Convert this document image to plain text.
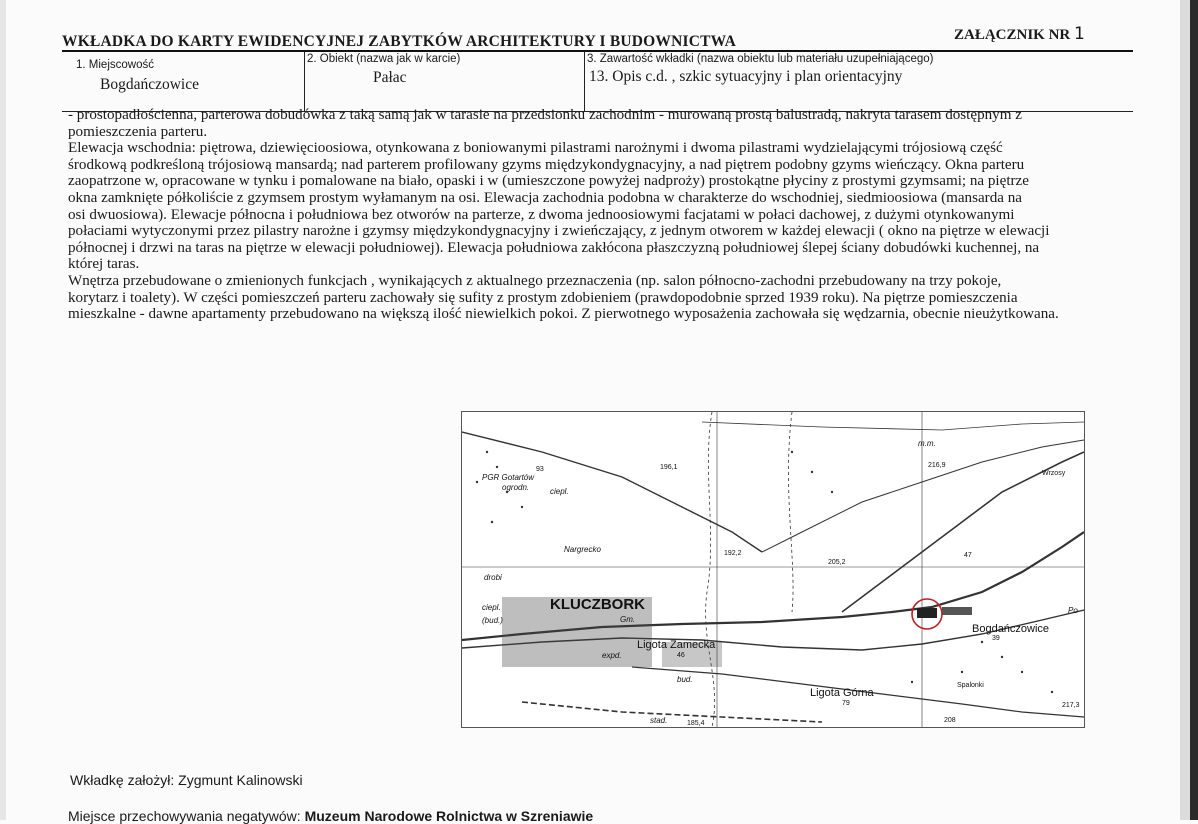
WKŁADKA DO KARTY EWIDENCYJNEJ ZABYTKÓW ARCHITEKTURY I BUDOWNICTWA	ZAŁĄCZNIK NR 1
1. Miejscowość
Bogdańczowice
2. Obiekt (nazwa jak w karcie)
Pałac
3. Zawartość wkładki (nazwa obiektu lub materiału uzupełniającego)
13. Opis c.d. , szkic sytuacyjny i plan orientacyjny

- prostopadłościenna, parterowa dobudówka z taką samą jak w tarasie na przedsionku zachodnim - murowaną prostą balustradą, nakryta tarasem dostępnym z

pomieszczenia parteru.

Elewacja wschodnia: piętrowa, dziewięcioosiowa, otynkowana z boniowanymi pilastrami narożnymi i dwoma pilastrami wydzielającymi trójosiową część

środkową podkreśloną trójosiową mansardą; nad parterem profilowany gzyms międzykondygnacyjny, a nad piętrem podobny gzyms wieńczący. Okna parteru

zaopatrzone w, opracowane w tynku i pomalowane na biało, opaski i w (umieszczone powyżej nadproży) prostokątne płyciny z prostymi gzymsami; na piętrze

okna zamknięte półkoliście z gzymsem prostym wyłamanym na osi. Elewacja zachodnia podobna w charakterze do wschodniej, siedmioosiowa (mansarda na

osi dwuosiowa). Elewacje północna i południowa bez otworów na parterze, z dwoma jednoosiowymi facjatami w połaci dachowej, z dużymi otynkowanymi

połaciami wytyczonymi przez pilastry narożne i gzymsy międzykondygnacyjny i zwieńczający, z jednym otworem w każdej elewacji ( okno na piętrze w elewacji

północnej i drzwi na taras na piętrze w elewacji południowej). Elewacja południowa zakłócona płaszczyzną południowej ślepej ściany dobudówki kuchennej, na

której taras.

Wnętrza przebudowane o zmienionych funkcjach , wynikających z aktualnego przeznaczenia (np. salon północno-zachodni przebudowany na trzy pokoje,

korytarz i toalety). W części pomieszczeń parteru zachowały się sufity z prostym zdobieniem (prawdopodobnie sprzed 1939 roku). Na piętrze pomieszczenia

mieszkalne - dawne apartamenty przebudowano na większą ilość niewielkich pokoi. Z pierwotnego wyposażenia zachowała się wędzarnia, obecnie nieużytkowana.

KLUCZBORK
Gm.
Ligota Zamecka
Ligota Górna
Bogdańczowice
Spalonki
Wrzosy
PGR Gotartów
ogrodn.	ciepl.
ciepl.
drobi
(bud.)
bud.
expd.
stad.
Nargrecko
m.m.
196,1
192,2
205,2
216,9
217,3
93
46
39
79
208
185,4
47
Po
Wkładkę założył: Zygmunt Kalinowski
Miejsce przechowywania negatywów: Muzeum Narodowe Rolnictwa w Szreniawie
